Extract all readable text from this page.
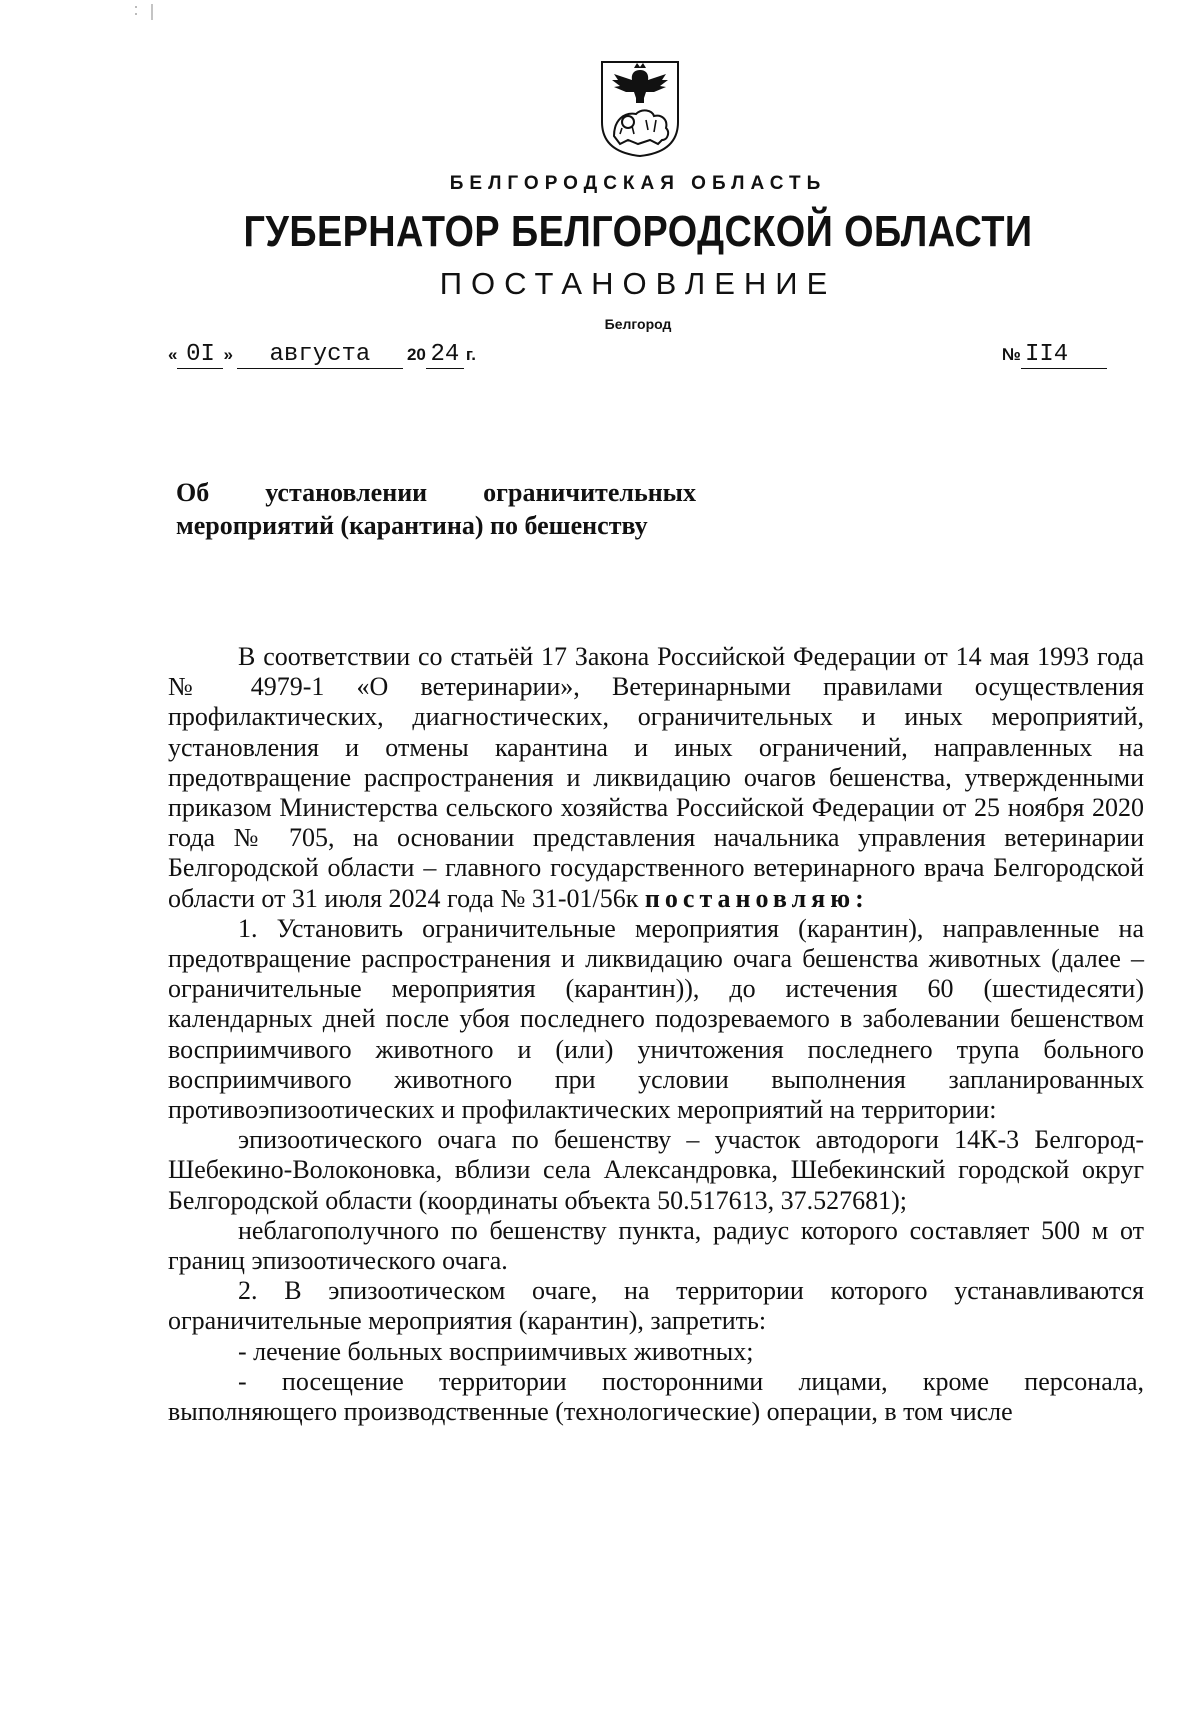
БЕЛГОРОДСКАЯ ОБЛАСТЬ
ГУБЕРНАТОР БЕЛГОРОДСКОЙ ОБЛАСТИ
ПОСТАНОВЛЕНИЕ
Белгород
« 0I » августа 20 24 г.	№ II4
Об установлении ограничительных
мероприятий (карантина) по бешенству

В соответствии со статьёй 17 Закона Российской Федерации от 14 мая 1993 года № 4979-1 «О ветеринарии», Ветеринарными правилами осуществления профилактических, диагностических, ограничительных и иных мероприятий, установления и отмены карантина и иных ограничений, направленных на предотвращение распространения и ликвидацию очагов бешенства, утвержденными приказом Министерства сельского хозяйства Российской Федерации от 25 ноября 2020 года № 705, на основании представления начальника управления ветеринарии Белгородской области – главного государственного ветеринарного врача Белгородской области от 31 июля 2024 года № 31-01/56к постановляю:

1. Установить ограничительные мероприятия (карантин), направленные на предотвращение распространения и ликвидацию очага бешенства животных (далее – ограничительные мероприятия (карантин)), до истечения 60 (шестидесяти) календарных дней после убоя последнего подозреваемого в заболевании бешенством восприимчивого животного и (или) уничтожения последнего трупа больного восприимчивого животного при условии выполнения запланированных противоэпизоотических и профилактических мероприятий на территории:

эпизоотического очага по бешенству – участок автодороги 14К-3 Белгород-Шебекино-Волоконовка, вблизи села Александровка, Шебекинский городской округ Белгородской области (координаты объекта 50.517613, 37.527681);

неблагополучного по бешенству пункта, радиус которого составляет 500 м от границ эпизоотического очага.

2. В эпизоотическом очаге, на территории которого устанавливаются ограничительные мероприятия (карантин), запретить:

- лечение больных восприимчивых животных;

- посещение территории посторонними лицами, кроме персонала, выполняющего производственные (технологические) операции, в том числе
